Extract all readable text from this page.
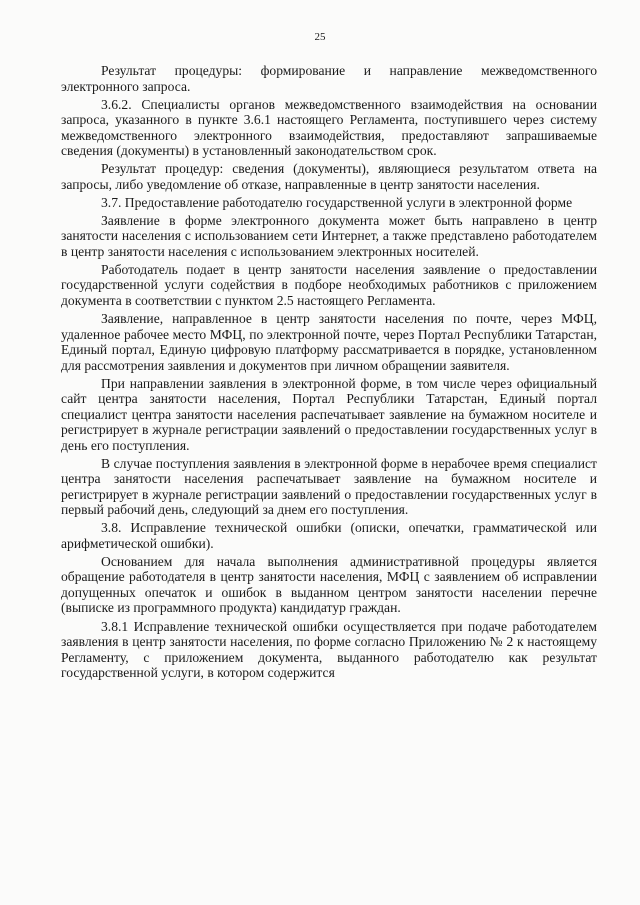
25

Результат процедуры: формирование и направление межведомственного электронного запроса.

3.6.2. Специалисты органов межведомственного взаимодействия на основании запроса, указанного в пункте 3.6.1 настоящего Регламента, поступившего через систему межведомственного электронного взаимодействия, предоставляют запрашиваемые сведения (документы) в установленный законодательством срок.

Результат процедур: сведения (документы), являющиеся результатом ответа на запросы, либо уведомление об отказе, направленные в центр занятости населения.

3.7. Предоставление работодателю государственной услуги в электронной форме

Заявление в форме электронного документа может быть направлено в центр занятости населения с использованием сети Интернет, а также представлено работодателем в центр занятости населения с использованием электронных носителей.

Работодатель подает в центр занятости населения заявление о предоставлении государственной услуги содействия в подборе необходимых работников с приложением документа в соответствии с пунктом 2.5 настоящего Регламента.

Заявление, направленное в центр занятости населения по почте, через МФЦ, удаленное рабочее место МФЦ, по электронной почте, через Портал Республики Татарстан, Единый портал, Единую цифровую платформу рассматривается в порядке, установленном для рассмотрения заявления и документов при личном обращении заявителя.

При направлении заявления в электронной форме, в том числе через официальный сайт центра занятости населения, Портал Республики Татарстан, Единый портал специалист центра занятости населения распечатывает заявление на бумажном носителе и регистрирует в журнале регистрации заявлений о предоставлении государственных услуг в день его поступления.

В случае поступления заявления в электронной форме в нерабочее время специалист центра занятости населения распечатывает заявление на бумажном носителе и регистрирует в журнале регистрации заявлений о предоставлении государственных услуг в первый рабочий день, следующий за днем его поступления.

3.8. Исправление технической ошибки (описки, опечатки, грамматической или арифметической ошибки).

Основанием для начала выполнения административной процедуры является обращение работодателя в центр занятости населения, МФЦ с заявлением об исправлении допущенных опечаток и ошибок в выданном центром занятости населении перечне (выписке из программного продукта) кандидатур граждан.

3.8.1 Исправление технической ошибки осуществляется при подаче работодателем заявления в центр занятости населения, по форме согласно Приложению № 2 к настоящему Регламенту, с приложением документа, выданного работодателю как результат государственной услуги, в котором содержится
